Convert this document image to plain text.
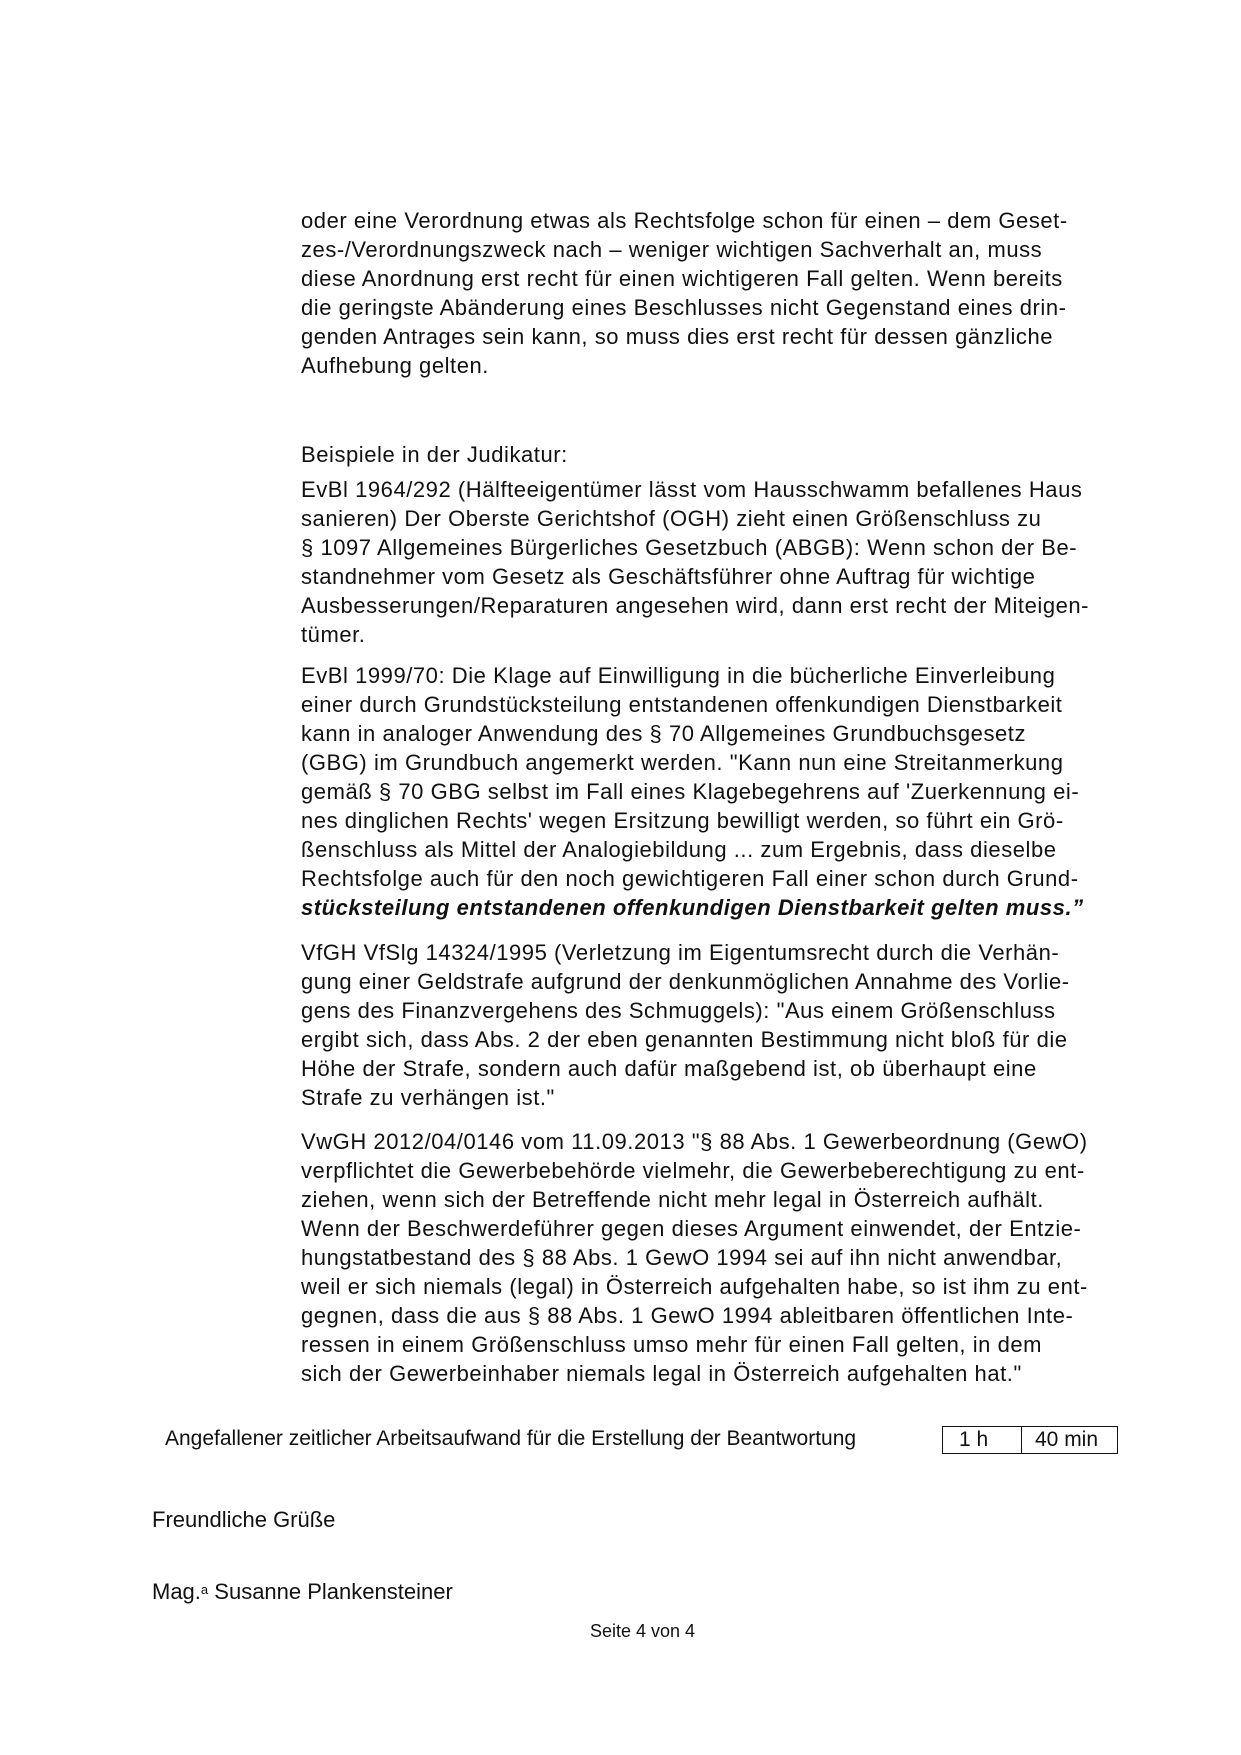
oder eine Verordnung etwas als Rechtsfolge schon für einen – dem Geset-
zes-/Verordnungszweck nach – weniger wichtigen Sachverhalt an, muss
diese Anordnung erst recht für einen wichtigeren Fall gelten. Wenn bereits
die geringste Abänderung eines Beschlusses nicht Gegenstand eines drin-
genden Antrages sein kann, so muss dies erst recht für dessen gänzliche
Aufhebung gelten.
Beispiele in der Judikatur:
EvBl 1964/292 (Hälfteeigentümer lässt vom Hausschwamm befallenes Haus
sanieren) Der Oberste Gerichtshof (OGH) zieht einen Größenschluss zu
§ 1097 Allgemeines Bürgerliches Gesetzbuch (ABGB): Wenn schon der Be-
standnehmer vom Gesetz als Geschäftsführer ohne Auftrag für wichtige
Ausbesserungen/Reparaturen angesehen wird, dann erst recht der Miteigen-
tümer.
EvBl 1999/70: Die Klage auf Einwilligung in die bücherliche Einverleibung
einer durch Grundstücksteilung entstandenen offenkundigen Dienstbarkeit
kann in analoger Anwendung des § 70 Allgemeines Grundbuchsgesetz
(GBG) im Grundbuch angemerkt werden. "Kann nun eine Streitanmerkung
gemäß § 70 GBG selbst im Fall eines Klagebegehrens auf 'Zuerkennung ei-
nes dinglichen Rechts' wegen Ersitzung bewilligt werden, so führt ein Grö-
ßenschluss als Mittel der Analogiebildung ... zum Ergebnis, dass dieselbe
Rechtsfolge auch für den noch gewichtigeren Fall einer schon durch Grund-
stücksteilung entstandenen offenkundigen Dienstbarkeit gelten muss.”
VfGH VfSlg 14324/1995 (Verletzung im Eigentumsrecht durch die Verhän-
gung einer Geldstrafe aufgrund der denkunmöglichen Annahme des Vorlie-
gens des Finanzvergehens des Schmuggels): "Aus einem Größenschluss
ergibt sich, dass Abs. 2 der eben genannten Bestimmung nicht bloß für die
Höhe der Strafe, sondern auch dafür maßgebend ist, ob überhaupt eine
Strafe zu verhängen ist."
VwGH 2012/04/0146 vom 11.09.2013 "§ 88 Abs. 1 Gewerbeordnung (GewO)
verpflichtet die Gewerbebehörde vielmehr, die Gewerbeberechtigung zu ent-
ziehen, wenn sich der Betreffende nicht mehr legal in Österreich aufhält.
Wenn der Beschwerdeführer gegen dieses Argument einwendet, der Entzie-
hungstatbestand des § 88 Abs. 1 GewO 1994 sei auf ihn nicht anwendbar,
weil er sich niemals (legal) in Österreich aufgehalten habe, so ist ihm zu ent-
gegnen, dass die aus § 88 Abs. 1 GewO 1994 ableitbaren öffentlichen Inte-
ressen in einem Größenschluss umso mehr für einen Fall gelten, in dem
sich der Gewerbeinhaber niemals legal in Österreich aufgehalten hat."
Angefallener zeitlicher Arbeitsaufwand für die Erstellung der Beantwortung	1 h	40 min
Freundliche Grüße
Mag.$^a$ Susanne Plankensteiner
Seite 4 von 4
